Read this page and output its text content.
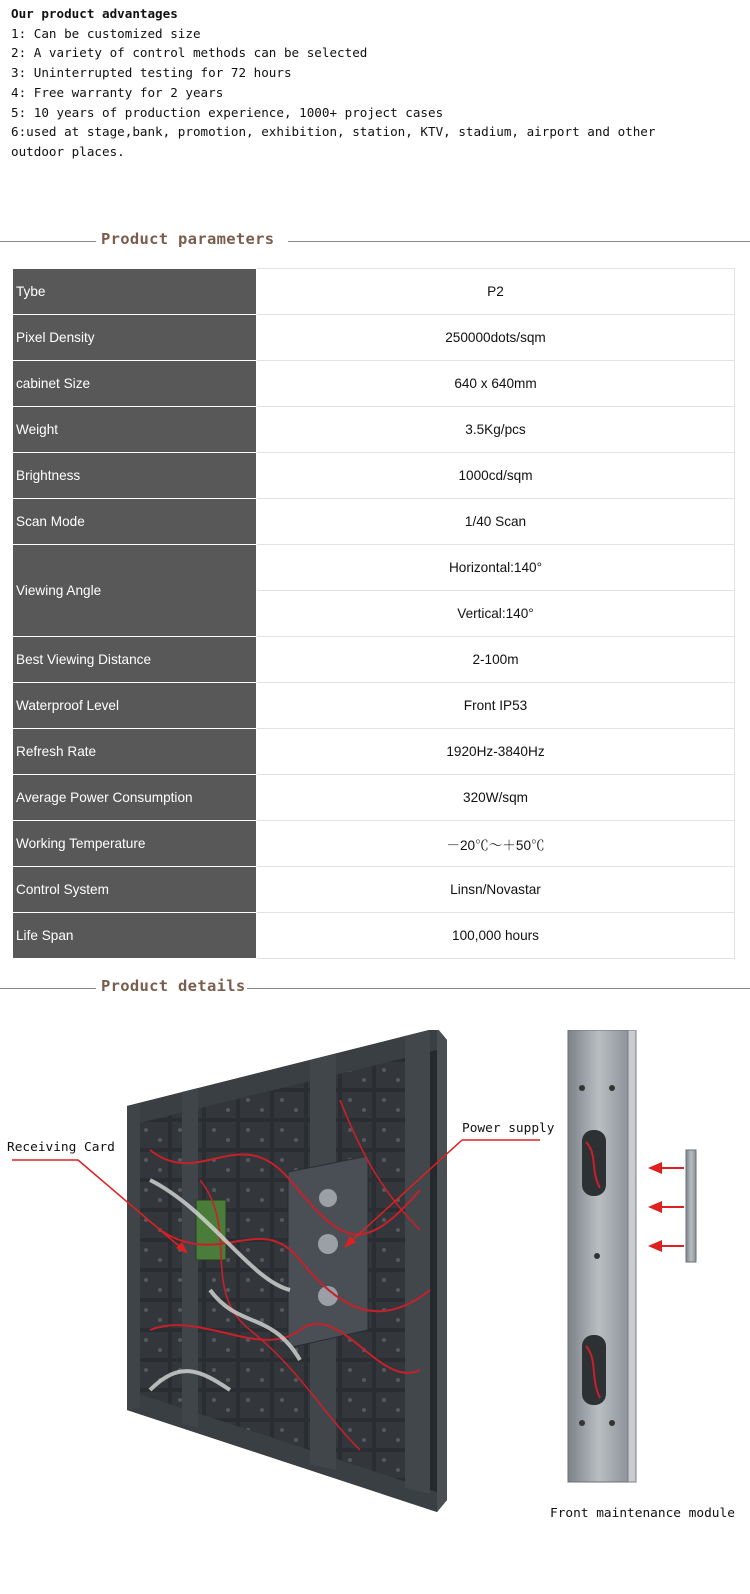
Our product advantages
1: Can be customized size
2: A variety of control methods can be selected
3: Uninterrupted testing for 72 hours
4: Free warranty for 2 years
5: 10 years of production experience, 1000+ project cases
6:used at stage,bank, promotion, exhibition, station, KTV, stadium, airport and other outdoor places.
Product parameters
Tybe	P2
Pixel Density	250000dots/sqm
cabinet Size	640 x 640mm
Weight	3.5Kg/pcs
Brightness	1000cd/sqm
Scan Mode	1/40 Scan
Viewing Angle	Horizontal:140°
	Vertical:140°
Best Viewing Distance	2-100m
Waterproof Level	Front IP53
Refresh Rate	1920Hz-3840Hz
Average Power Consumption	320W/sqm
Working Temperature	－20℃～＋50℃
Control System	Linsn/Novastar
Life Span	100,000 hours
Product details
Receiving Card
Power supply
Front maintenance module
